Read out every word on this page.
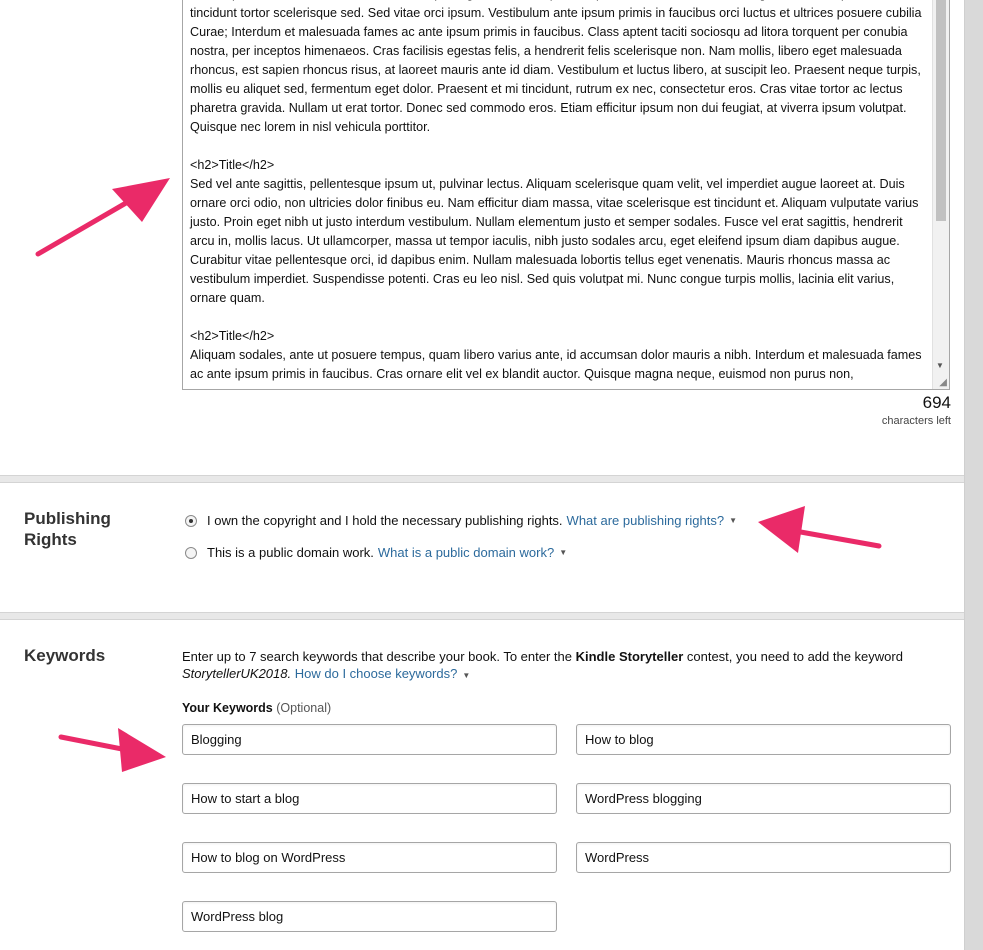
tincidunt tortor scelerisque sed. Sed vitae orci ipsum. Vestibulum ante ipsum primis in faucibus orci luctus et ultrices posuere cubilia Curae; Interdum et malesuada fames ac ante ipsum primis in faucibus. Class aptent taciti sociosqu ad litora torquent per conubia nostra, per inceptos himenaeos. Cras facilisis egestas felis, a hendrerit felis scelerisque non. Nam mollis, libero eget malesuada rhoncus, est sapien rhoncus risus, at laoreet mauris ante id diam. Vestibulum et luctus libero, at suscipit leo. Praesent neque turpis, mollis eu aliquet sed, fermentum eget dolor. Praesent et mi tincidunt, rutrum ex nec, consectetur eros. Cras vitae tortor ac lectus pharetra gravida. Nullam ut erat tortor. Donec sed commodo eros. Etiam efficitur ipsum non dui feugiat, at viverra ipsum volutpat. Quisque nec lorem in nisl vehicula porttitor.

<h2>Title</h2>
Sed vel ante sagittis, pellentesque ipsum ut, pulvinar lectus. Aliquam scelerisque quam velit, vel imperdiet augue laoreet at. Duis ornare orci odio, non ultricies dolor finibus eu. Nam efficitur diam massa, vitae scelerisque est tincidunt et. Aliquam vulputate varius justo. Proin eget nibh ut justo interdum vestibulum. Nullam elementum justo et semper sodales. Fusce vel erat sagittis, hendrerit arcu in, mollis lacus. Ut ullamcorper, massa ut tempor iaculis, nibh justo sodales arcu, eget eleifend ipsum diam dapibus augue. Curabitur vitae pellentesque orci, id dapibus enim. Nullam malesuada lobortis tellus eget venenatis. Mauris rhoncus massa ac vestibulum imperdiet. Suspendisse potenti. Cras eu leo nisl. Sed quis volutpat mi. Nunc congue turpis mollis, lacinia elit varius, ornare quam.

<h2>Title</h2>
Aliquam sodales, ante ut posuere tempus, quam libero varius ante, id accumsan dolor mauris a nibh. Interdum et malesuada fames ac ante ipsum primis in faucibus. Cras ornare elit vel ex blandit auctor. Quisque magna neque, euismod non purus non,

▼
◢
694
characters left
Publishing Rights
I own the copyright and I hold the necessary publishing rights. What are publishing rights? ▼
This is a public domain work. What is a public domain work? ▼
Keywords	Enter up to 7 search keywords that describe your book. To enter the Kindle Storyteller contest, you need to add the keyword StorytellerUK2018. How do I choose keywords? ▼
Your Keywords (Optional)
Blogging
How to blog
How to start a blog
WordPress blogging
How to blog on WordPress
WordPress
WordPress blog
